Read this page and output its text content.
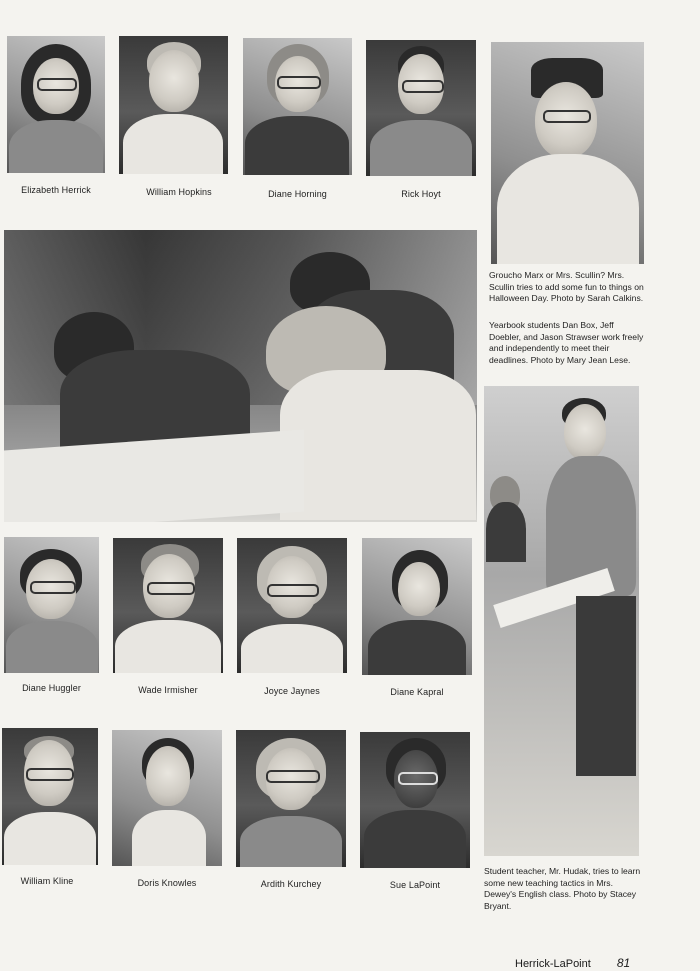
Elizabeth Herrick	William Hopkins	Diane Horning	Rick Hoyt
Groucho Marx or Mrs. Scullin? Mrs. Scullin tries to add some fun to things on Halloween Day. Photo by Sarah Calkins.
Yearbook students Dan Box, Jeff Doebler, and Jason Strawser work freely and independently to meet their deadlines. Photo by Mary Jean Lese.
Student teacher, Mr. Hudak, tries to learn some new teaching tactics in Mrs. Dewey's English class. Photo by Stacey Bryant.
Diane Huggler	Wade Irmisher	Joyce Jaynes	Diane Kapral
William Kline	Doris Knowles	Ardith Kurchey	Sue LaPoint
Herrick-LaPoint 81
